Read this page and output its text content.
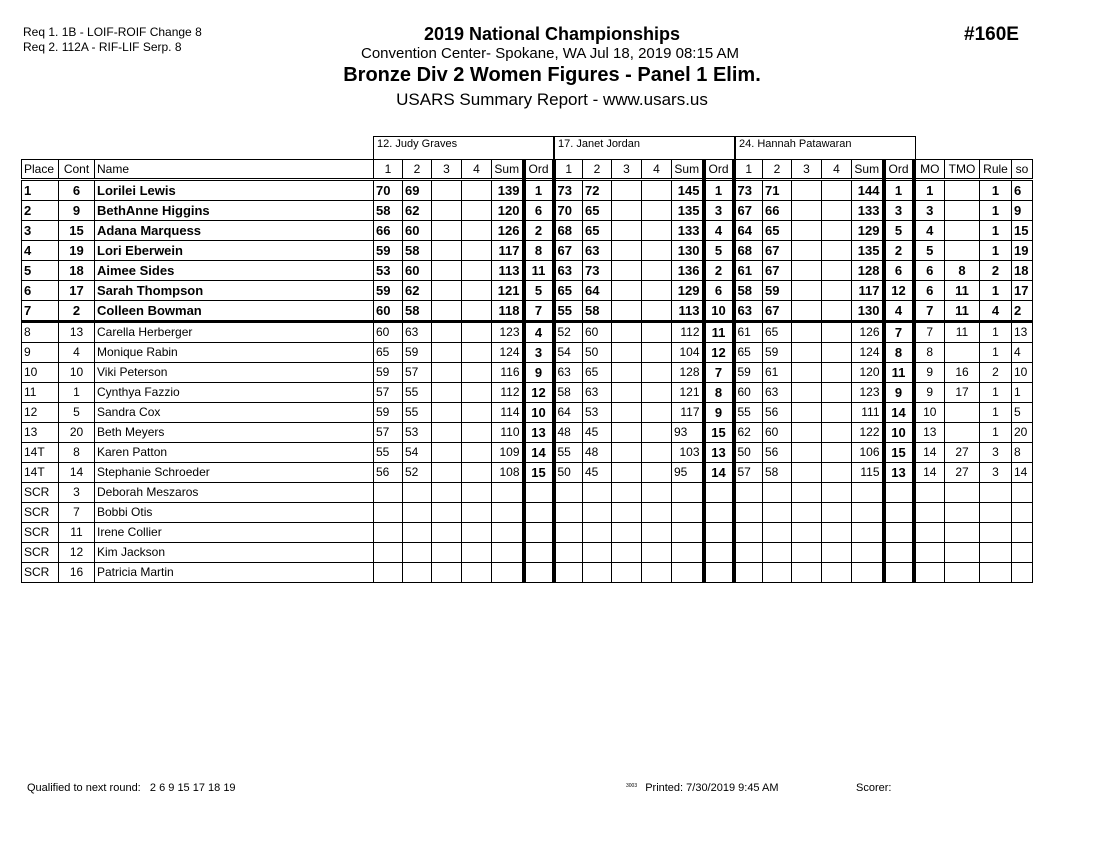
Req 1. 1B - LOIF-ROIF Change 8
Req 2. 112A - RIF-LIF Serp. 8
2019 National Championships
Convention Center- Spokane, WA Jul 18, 2019 08:15 AM
Bronze Div 2 Women Figures - Panel 1 Elim.
USARS Summary Report - www.usars.us
#160E
12. Judy Graves	17. Janet Jordan	24. Hannah Patawaran
Place	Cont	Name	1	2	3	4	Sum	Ord	1	2	3	4	Sum	Ord	1	2	3	4	Sum	Ord	MO	TMO	Rule	so
1	6	Lorilei Lewis	70	69			139	1	73	72			145	1	73	71			144	1	1		1	6
2	9	BethAnne Higgins	58	62			120	6	70	65			135	3	67	66			133	3	3		1	9
3	15	Adana Marquess	66	60			126	2	68	65			133	4	64	65			129	5	4		1	15
4	19	Lori Eberwein	59	58			117	8	67	63			130	5	68	67			135	2	5		1	19
5	18	Aimee Sides	53	60			113	11	63	73			136	2	61	67			128	6	6	8	2	18
6	17	Sarah Thompson	59	62			121	5	65	64			129	6	58	59			117	12	6	11	1	17
7	2	Colleen Bowman	60	58			118	7	55	58			113	10	63	67			130	4	7	11	4	2
8	13	Carella Herberger	60	63			123	4	52	60			112	11	61	65			126	7	7	11	1	13
9	4	Monique Rabin	65	59			124	3	54	50			104	12	65	59			124	8	8		1	4
10	10	Viki Peterson	59	57			116	9	63	65			128	7	59	61			120	11	9	16	2	10
11	1	Cynthya Fazzio	57	55			112	12	58	63			121	8	60	63			123	9	9	17	1	1
12	5	Sandra Cox	59	55			114	10	64	53			117	9	55	56			111	14	10		1	5
13	20	Beth Meyers	57	53			110	13	48	45			93	15	62	60			122	10	13		1	20
14T	8	Karen Patton	55	54			109	14	55	48			103	13	50	56			106	15	14	27	3	8
14T	14	Stephanie Schroeder	56	52			108	15	50	45			95	14	57	58			115	13	14	27	3	14
SCR	3	Deborah Meszaros																						
SCR	7	Bobbi Otis																						
SCR	11	Irene Collier																						
SCR	12	Kim Jackson																						
SCR	16	Patricia Martin																						
Qualified to next round: 2 6 9 15 17 18 19	$^{3003}$ Printed: 7/30/2019 9:45 AM	Scorer:
